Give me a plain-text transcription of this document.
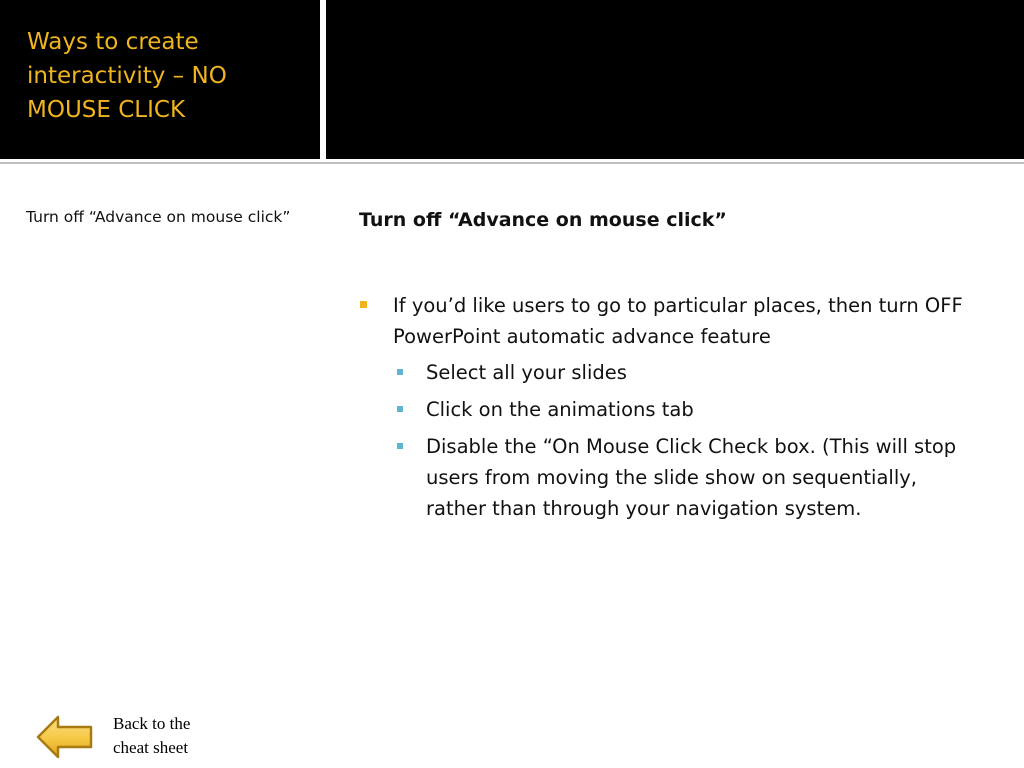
Ways to create interactivity – NO MOUSE CLICK
Turn off “Advance on mouse click”	Turn off “Advance on mouse click”

If you’d like users to go to particular places, then turn OFF PowerPoint automatic advance feature
Select all your slides
Click on the animations tab
Disable the “On Mouse Click Check box. (This will stop users from moving the slide show on sequentially, rather than through your navigation system.
Back to the cheat sheet
